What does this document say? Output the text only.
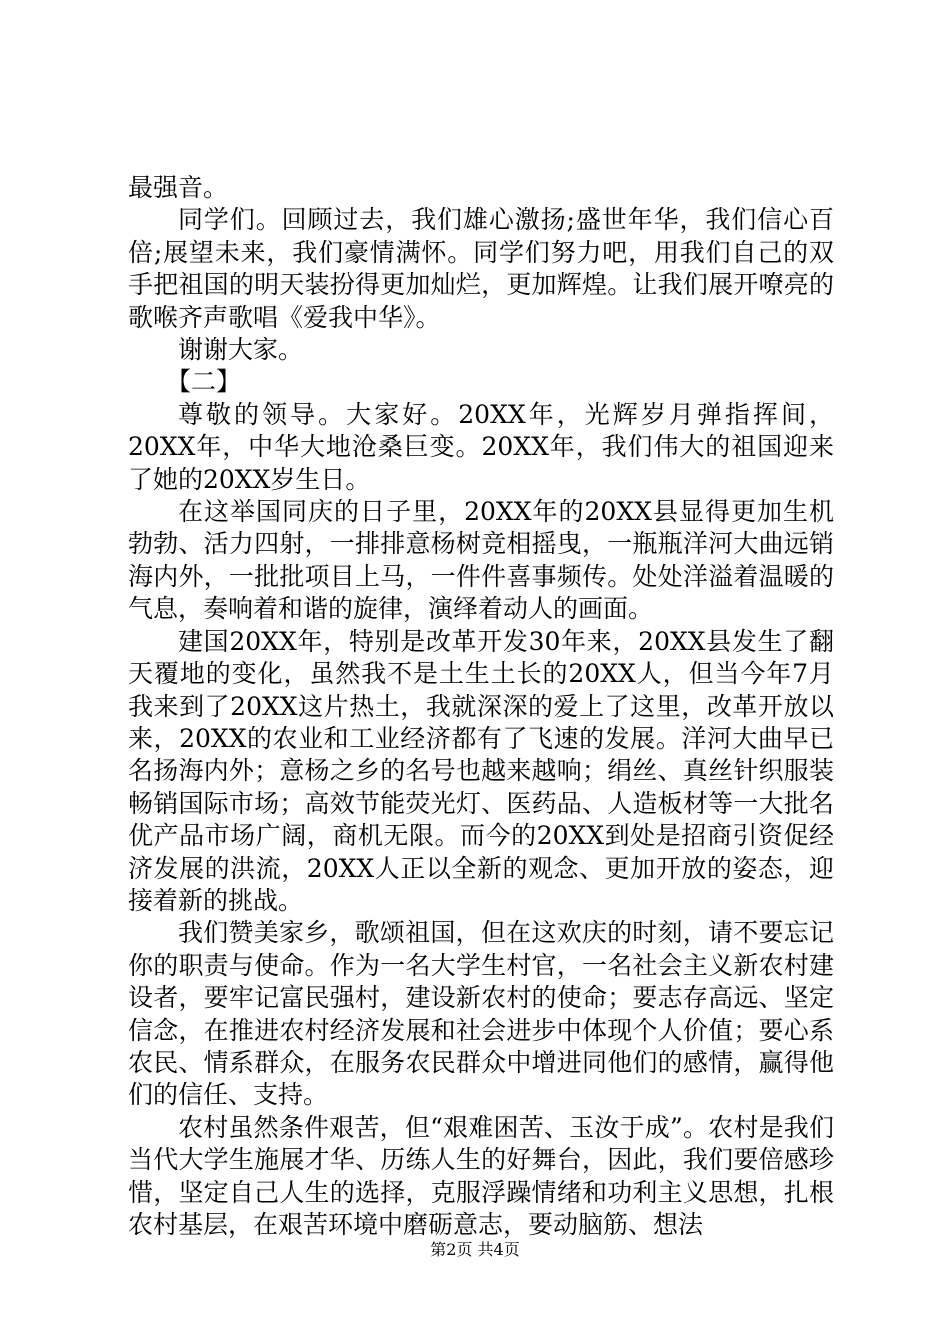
最强音。

同学们。回顾过去，我们雄心激扬;盛世年华，我们信心百倍;展望未来，我们豪情满怀。同学们努力吧，用我们自己的双手把祖国的明天装扮得更加灿烂，更加辉煌。让我们展开嘹亮的歌喉齐声歌唱《爱我中华》。

谢谢大家。

【二】

尊敬的领导。大家好。20XX年，光辉岁月弹指挥间，20XX年，中华大地沧桑巨变。20XX年，我们伟大的祖国迎来了她的20XX岁生日。

在这举国同庆的日子里，20XX年的20XX县显得更加生机勃勃、活力四射，一排排意杨树竞相摇曳，一瓶瓶洋河大曲远销海内外，一批批项目上马，一件件喜事频传。处处洋溢着温暖的气息，奏响着和谐的旋律，演绎着动人的画面。

建国20XX年，特别是改革开发30年来，20XX县发生了翻天覆地的变化，虽然我不是土生土长的20XX人，但当今年7月我来到了20XX这片热土，我就深深的爱上了这里，改革开放以来，20XX的农业和工业经济都有了飞速的发展。洋河大曲早已名扬海内外；意杨之乡的名号也越来越响；绢丝、真丝针织服装畅销国际市场；高效节能荧光灯、医药品、人造板材等一大批名优产品市场广阔，商机无限。而今的20XX到处是招商引资促经济发展的洪流，20XX人正以全新的观念、更加开放的姿态，迎接着新的挑战。

我们赞美家乡，歌颂祖国，但在这欢庆的时刻，请不要忘记你的职责与使命。作为一名大学生村官，一名社会主义新农村建设者，要牢记富民强村，建设新农村的使命；要志存高远、坚定信念，在推进农村经济发展和社会进步中体现个人价值；要心系农民、情系群众，在服务农民群众中增进同他们的感情，赢得他们的信任、支持。

农村虽然条件艰苦，但“艰难困苦、玉汝于成”。农村是我们当代大学生施展才华、历练人生的好舞台，因此，我们要倍感珍惜，坚定自己人生的选择，克服浮躁情绪和功利主义思想，扎根农村基层，在艰苦环境中磨砺意志，要动脑筋、想法

第2页 共4页
